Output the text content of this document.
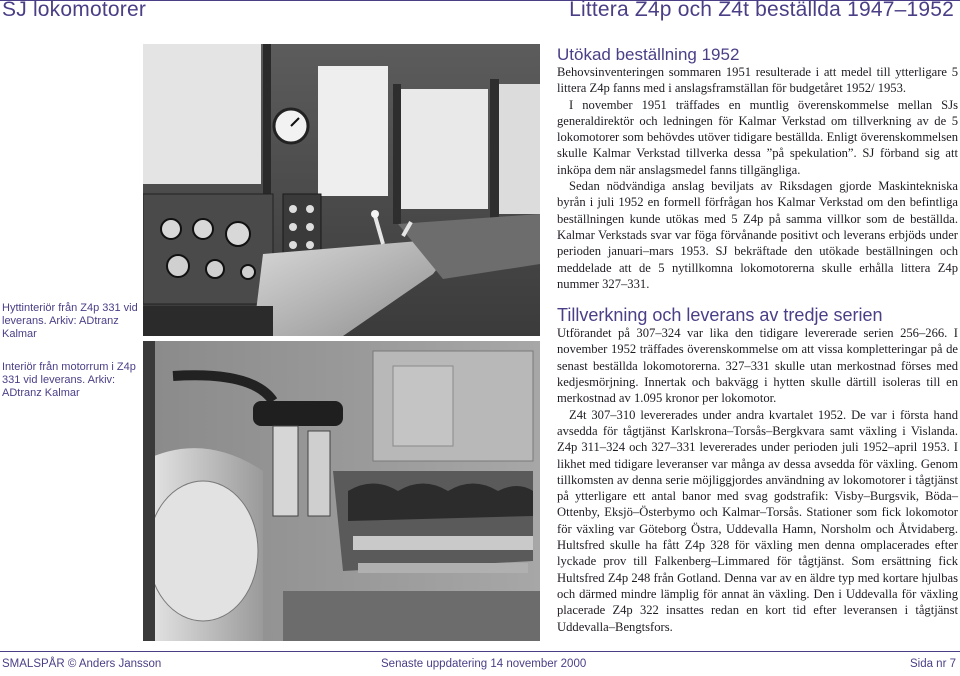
SJ lokomotorer	Littera Z4p och Z4t beställda 1947–1952
Hyttinteriör från Z4p 331 vid leverans. Arkiv: ADtranz Kalmar
Interiör från motorrum i Z4p 331 vid leverans. Arkiv: ADtranz Kalmar
Utökad beställning 1952

Behovsinventeringen sommaren 1951 resulterade i att medel till ytterligare 5 littera Z4p fanns med i anslagsframställan för budgetåret 1952/ 1953.

I november 1951 träffades en muntlig överenskommelse mellan SJs generaldirektör och ledningen för Kalmar Verkstad om tillverkning av de 5 lokomotorer som behövdes utöver tidigare beställda. Enligt överenskommelsen skulle Kalmar Verkstad tillverka dessa ”på spekulation”. SJ förband sig att inköpa dem när anslagsmedel fanns tillgängliga.

Sedan nödvändiga anslag beviljats av Riksdagen gjorde Maskintekniska byrån i juli 1952 en formell förfrågan hos Kalmar Verkstad om den befintliga beställningen kunde utökas med 5 Z4p på samma villkor som de beställda. Kalmar Verkstads svar var föga förvånande positivt och leverans erbjöds under perioden januari–mars 1953. SJ bekräftade den utökade beställningen och meddelade att de 5 nytillkomna lokomotorerna skulle erhålla littera Z4p nummer 327–331.

Tillverkning och leverans av tredje serien

Utförandet på 307–324 var lika den tidigare levererade serien 256–266. I november 1952 träffades överenskommelse om att vissa kompletteringar på de senast beställda lokomotorerna. 327–331 skulle utan merkostnad förses med kedjesmörjning. Innertak och bakvägg i hytten skulle därtill isoleras till en merkostnad av 1.095 kronor per lokomotor.

Z4t 307–310 levererades under andra kvartalet 1952. De var i första hand avsedda för tågtjänst Karlskrona–Torsås–Bergkvara samt växling i Vislanda. Z4p 311–324 och 327–331 levererades under perioden juli 1952–april 1953. I likhet med tidigare leveranser var många av dessa avsedda för växling. Genom tillkomsten av denna serie möjliggjordes användning av lokomotorer i tågtjänst på ytterligare ett antal banor med svag godstrafik: Visby–Burgsvik, Böda–Ottenby, Eksjö–Österbymo och Kalmar–Torsås. Stationer som fick lokomotor för växling var Göteborg Östra, Uddevalla Hamn, Norsholm och Åtvidaberg. Hultsfred skulle ha fått Z4p 328 för växling men denna omplacerades efter lyckade prov till Falkenberg–Limmared för tågtjänst. Som ersättning fick Hultsfred Z4p 248 från Gotland. Denna var av en äldre typ med kortare hjulbas och därmed mindre lämplig för annat än växling. Den i Uddevalla för växling placerade Z4p 322 insattes redan en kort tid efter leveransen i tågtjänst Uddevalla–Bengtsfors.

SMALSPÅR © Anders Jansson	Senaste uppdatering 14 november 2000	Sida nr 7
